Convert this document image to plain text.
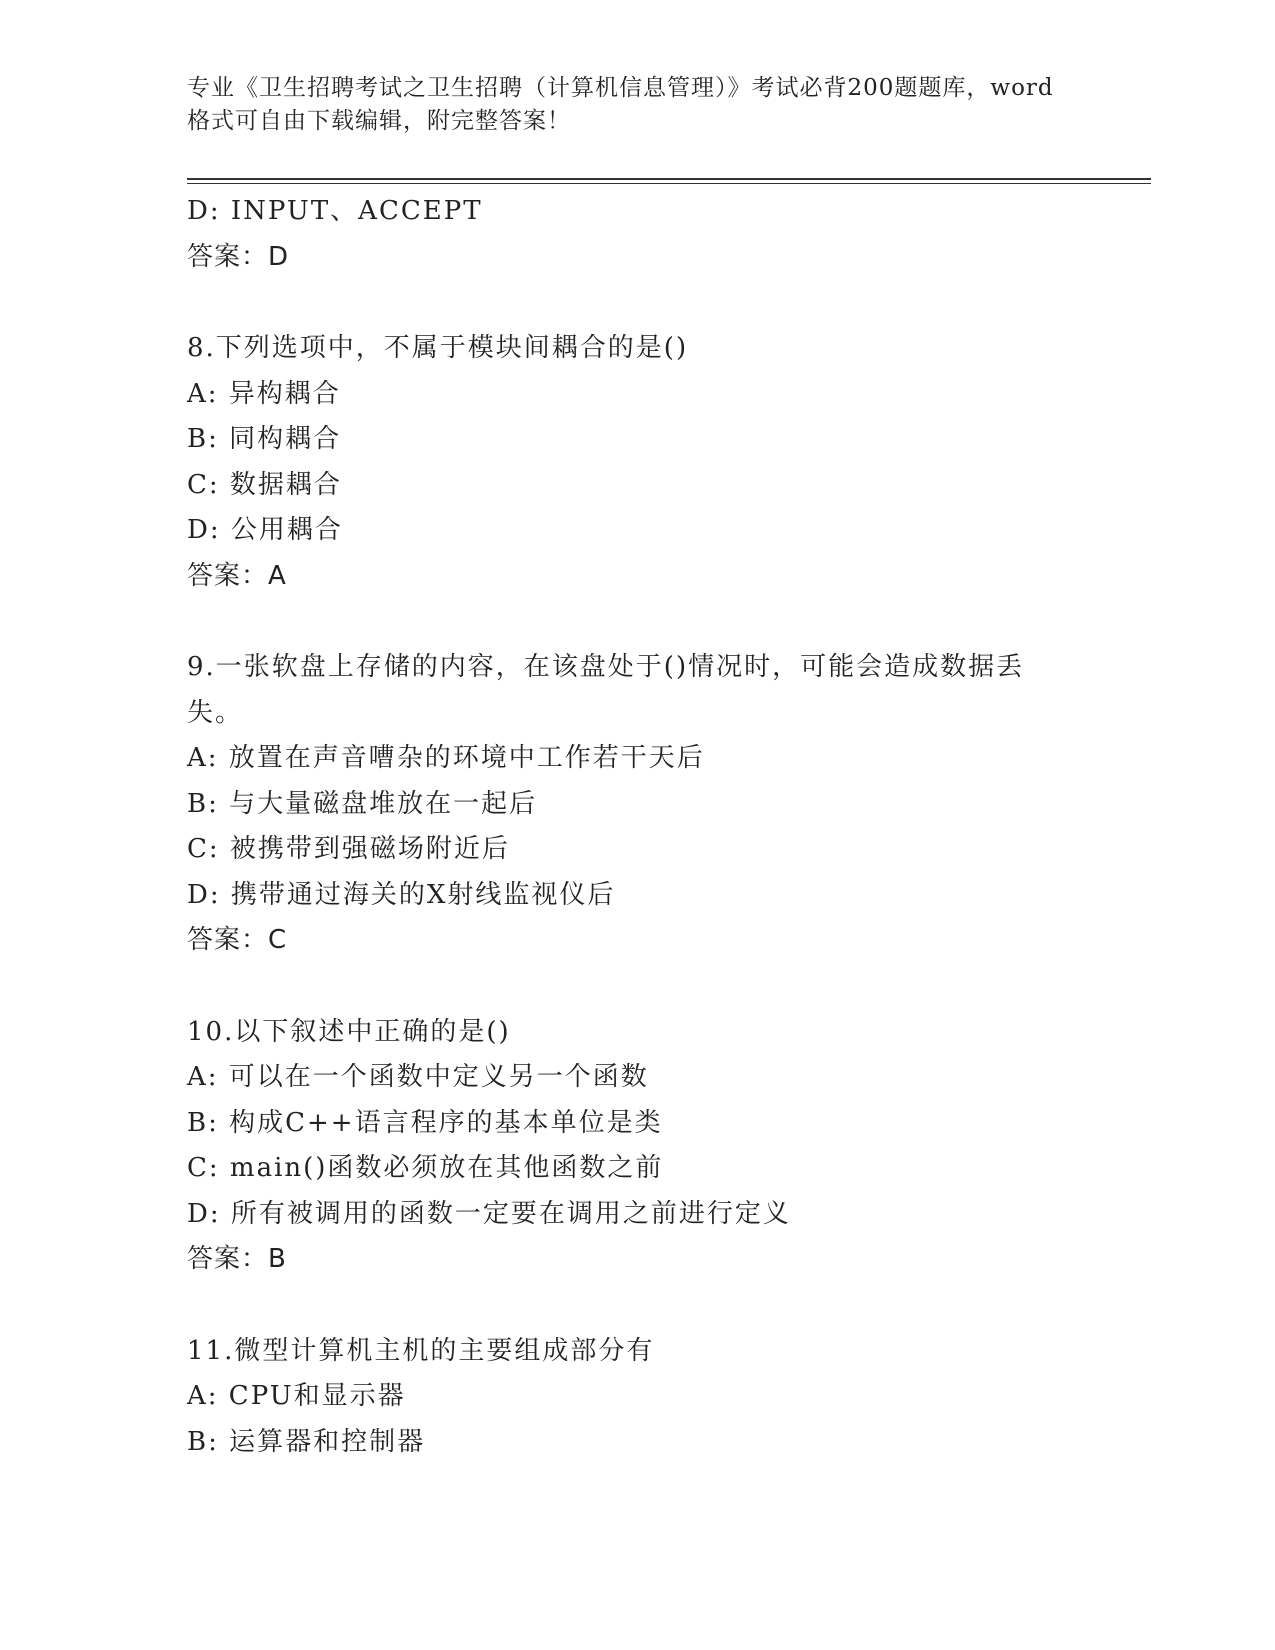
专业《卫生招聘考试之卫生招聘（计算机信息管理）》考试必背200题题库，word
格式可自由下载编辑，附完整答案！
D: INPUT、ACCEPT
答案：D
8.下列选项中，不属于模块间耦合的是()
A: 异构耦合
B: 同构耦合
C: 数据耦合
D: 公用耦合
答案：A
9.一张软盘上存储的内容，在该盘处于()情况时，可能会造成数据丢失。
A: 放置在声音嘈杂的环境中工作若干天后
B: 与大量磁盘堆放在一起后
C: 被携带到强磁场附近后
D: 携带通过海关的X射线监视仪后
答案：C
10.以下叙述中正确的是()
A: 可以在一个函数中定义另一个函数
B: 构成C++语言程序的基本单位是类
C: main()函数必须放在其他函数之前
D: 所有被调用的函数一定要在调用之前进行定义
答案：B
11.微型计算机主机的主要组成部分有
A: CPU和显示器
B: 运算器和控制器
